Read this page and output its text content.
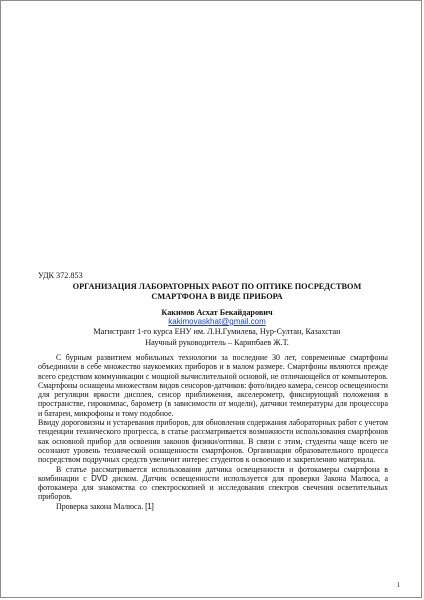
УДК 372.853
ОРГАНИЗАЦИЯ ЛАБОРАТОРНЫХ РАБОТ ПО ОПТИКЕ ПОСРЕДСТВОМ
СМАРТФОНА В ВИДЕ ПРИБОРА
Какимов Асхат Бекайдарович
kakimovaskhat@gmail.com
Магистрант 1-го курса ЕНУ им. Л.Н.Гумилева, Нур-Султан, Казахстан
Научный руководитель – Карипбаев Ж.Т.

С бурным развитием мобильных технологии за последние 30 лет, современные смартфоны объединили в себе множество наукоемких приборов и в малом размере. Смартфоны являются прежде всего средством коммуникации с мощной вычислительной основой, не отличающейся от компьютеров. Смартфоны оснащены множеством видов сенсоров-датчиков: фото/видео камера, сенсор освещенности для регуляции яркости дисплея, сенсор приближения, акселерометр, фиксирующий положения в пространстве, гирокомпас, барометр (в зависимости от модели), датчики температуры для процессора и батареи, микрофоны и тому подобное.

Ввиду дороговизны и устаревания приборов, для обновления содержания лабораторных работ с учетом тенденции технического прогресса, в статье рассматривается возможности использования смартфонов как основной прибор для освоения законов физики/оптики. В связи с этим, студенты чаще всего не осознают уровень технической оснащенности смартфонов. Организация образовательного процесса посредством подручных средств увеличит интерес студентов к освоению и закреплению материала.

В статье рассматривается использования датчика освещенности и фотокамеры смартфона в комбинации с DVD диском. Датчик освещенности используется для проверки Закона Малюса, а фотокамера для знакомства со спектроскопией и исследования спектров свечения осветительных приборов.

Проверка закона Малюса. [1]

1
